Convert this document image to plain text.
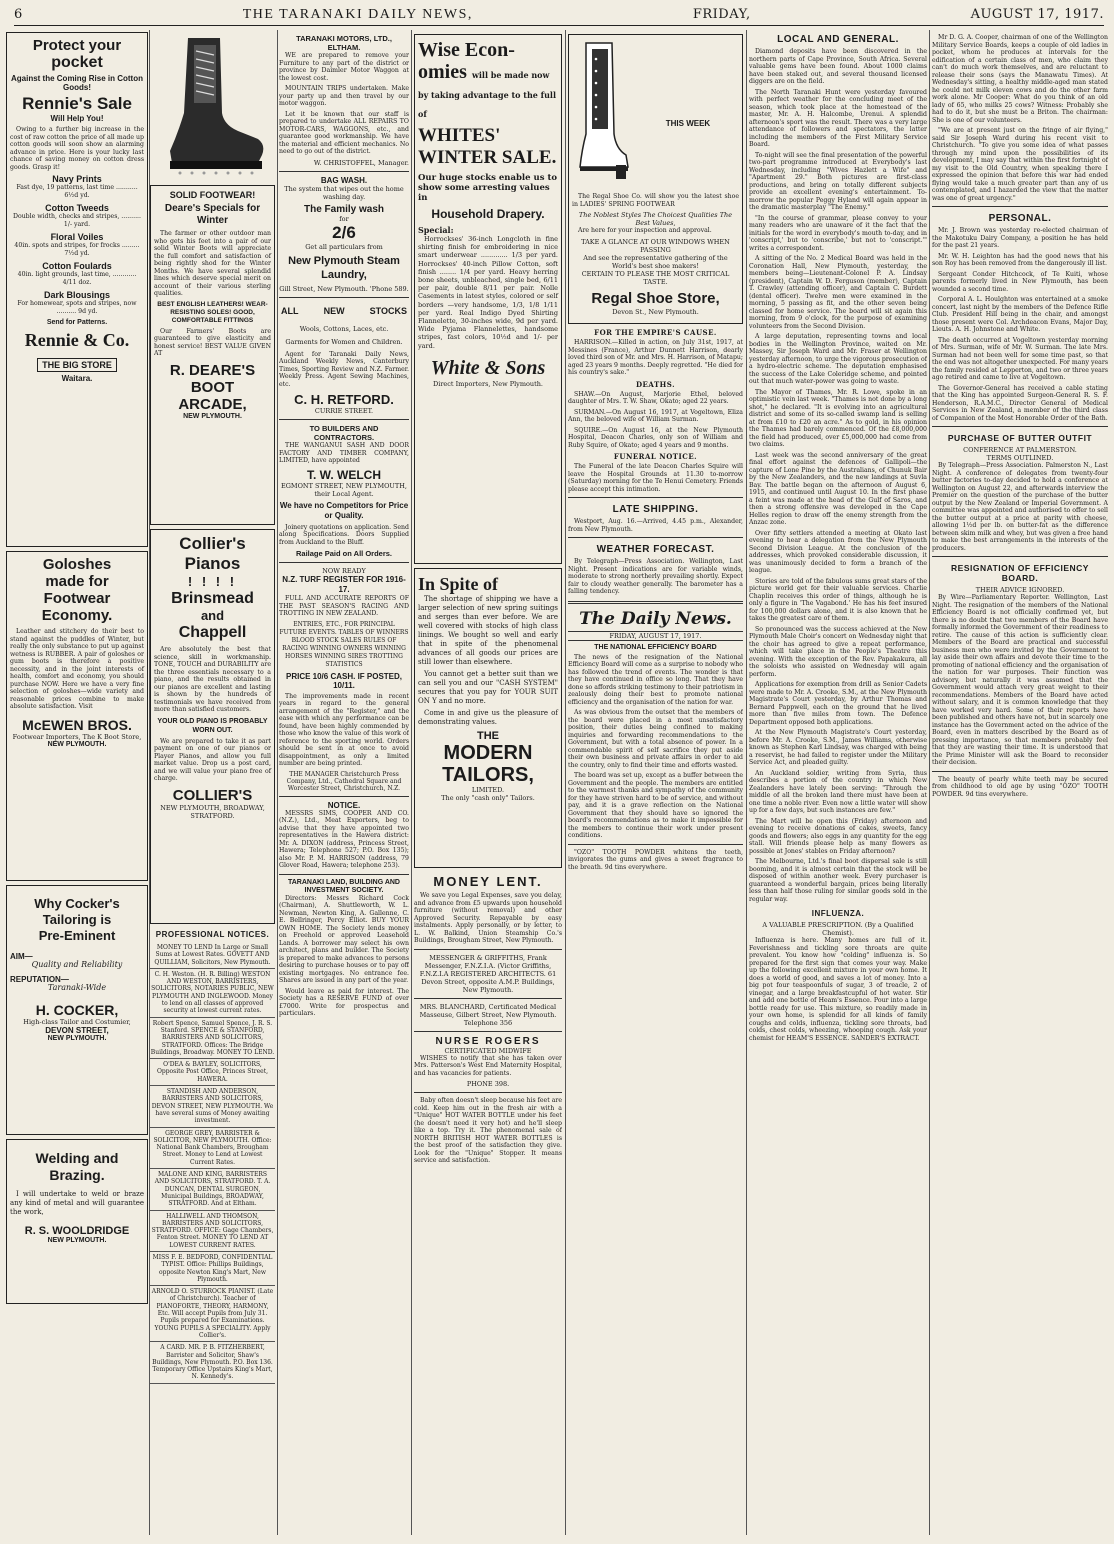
6	THE TARANAKI DAILY NEWS,	FRIDAY,	AUGUST 17, 1917.
Protect your
pocket
Against the Coming Rise in Cotton Goods!
Rennie's Sale
Will Help You!
Owing to a further big increase in the cost of raw cotton the price of all made up cotton goods will soon show an alarming advance in price. Here is your lucky last chance of saving money on cotton dress goods. Grasp it!
Navy Prints
Fast dye, 19 patterns, last time ........... 6½d yd.
Cotton Tweeds
Double width, checks and stripes, .......... 1/- yard.
Floral Voiles
40in. spots and stripes, for frocks ......... 7½d yd.
Cotton Foulards
40in. light grounds, last time, ............ 4/11 doz.
Dark Blousings
For homewear, spots and stripes, now .......... 9d yd.
Send for Patterns.
Rennie & Co.
THE BIG STORE
Waitara.
Goloshes
made for
Footwear
Economy.
Leather and stitchery do their best to stand against the puddles of Winter, but really the only substance to put up against wetness is RUBBER. A pair of goloshes or gum boots is therefore a positive necessity, and in the joint interests of health, comfort and economy, you should purchase NOW. Here we have a very fine selection of goloshes—wide variety and reasonable prices combine to make absolute satisfaction. Visit
McEWEN BROS.
Footwear Importers, The K Boot Store,
NEW PLYMOUTH.
Why Cocker's
Tailoring is
Pre-Eminent
AIM—
Quality and Reliability
REPUTATION—
Taranaki-Wide
H. COCKER,
High-class Tailor and Costumier,
DEVON STREET,
NEW PLYMOUTH.
Welding and
Brazing.
I will undertake to weld or braze any kind of metal and will guarantee the work,
R. S. WOOLDRIDGE
NEW PLYMOUTH.
SOLID FOOTWEAR!
Deare's Specials for Winter
The farmer or other outdoor man who gets his feet into a pair of our solid Winter Boots will appreciate the full comfort and satisfaction of being rightly shod for the Winter Months. We have several splendid lines which deserve special merit on account of their various sterling qualities.
BEST ENGLISH LEATHERS! WEAR-RESISTING SOLES! GOOD, COMFORTABLE FITTINGS
Our Farmers' Boots are guaranteed to give elasticity and honest service! BEST VALUE GIVEN AT
R. DEARE'S
BOOT
ARCADE,
NEW PLYMOUTH.
Collier's
Pianos
! ! ! !
Brinsmead
and
Chappell
Are absolutely the best that science, skill in workmanship. TONE, TOUCH and DURABILITY are the three essentials necessary to a piano, and the results obtained in our pianos are excellent and lasting is shown by the hundreds of testimonials we have received from more than satisfied customers.
YOUR OLD PIANO IS PROBABLY WORN OUT.
We are prepared to take it as part payment on one of our pianos or Player Pianos, and allow you full market value. Drop us a post card, and we will value your piano free of charge.
COLLIER'S
NEW PLYMOUTH, BROADWAY, STRATFORD.
PROFESSIONAL NOTICES.
MONEY TO LEND In Large or Small Sums at Lowest Rates. GOVETT AND QUILLIAM, Solicitors, New Plymouth.
C. H. Weston. (H. R. Billing) WESTON AND WESTON, BARRISTERS, SOLICITORS, NOTARIES PUBLIC, NEW PLYMOUTH AND INGLEWOOD. Money to lend on all classes of approved security at lowest current rates.
Robert Spence, Samuel Spence, J. R. S. Stanford. SPENCE & STANFORD, BARRISTERS AND SOLICITORS, STRATFORD. Offices: The Bridge Buildings, Broadway. MONEY TO LEND.
O'DEA & BAYLEY, SOLICITORS, Opposite Post Office, Princes Street, HAWERA.
STANDISH AND ANDERSON, BARRISTERS AND SOLICITORS, DEVON STREET, NEW PLYMOUTH. We have several sums of Money awaiting investment.
GEORGE GREY, BARRISTER & SOLICITOR, NEW PLYMOUTH. Office: National Bank Chambers, Brougham Street. Money to Lend at Lowest Current Rates.
MALONE AND KING, BARRISTERS AND SOLICITORS, STRATFORD. T. A. DUNCAN, DENTAL SURGEON, Municipal Buildings, BROADWAY, STRATFORD. And at Eltham.
HALLIWELL AND THOMSON, BARRISTERS AND SOLICITORS, STRATFORD. OFFICE: Gage Chambers, Fenton Street. MONEY TO LEND AT LOWEST CURRENT RATES.
MISS F. E. BEDFORD, CONFIDENTIAL TYPIST. Office: Phillips Buildings, opposite Newton King's Mart, New Plymouth.
ARNOLD O. STURROCK PIANIST. (Late of Christchurch). Teacher of PIANOFORTE, THEORY, HARMONY, Etc. Will accept Pupils from July 31. Pupils prepared for Examinations. YOUNG PUPILS A SPECIALITY. Apply Collier's.
A CARD. MR. P. B. FITZHERBERT, Barrister and Solicitor, Shaw's Buildings, New Plymouth. P.O. Box 136. Temporary Office Upstairs King's Mart, N. Kennedy's.
TARANAKI MOTORS, LTD., ELTHAM.
WE are prepared to remove your Furniture to any part of the district or province by Daimler Motor Waggon at the lowest cost.
MOUNTAIN TRIPS undertaken. Make your party up and then travel by our motor waggon.
Let it be known that our staff is prepared to undertake ALL REPAIRS TO MOTOR-CARS, WAGGONS, etc., and guarantee good workmanship. We have the material and efficient mechanics. No need to go out of the district.
W. CHRISTOFFEL, Manager.
BAG WASH.
The system that wipes out the home washing day.
The Family wash
for
2/6
Get all particulars from
New Plymouth Steam Laundry,
Gill Street, New Plymouth. 'Phone 589.
ALL	NEW	STOCKS
Wools, Cottons, Laces, etc.
Garments for Women and Children.
Agent for Taranaki Daily News, Auckland Weekly News, Canterbury Times, Sporting Review and N.Z. Farmer. Weekly Press. Agent Sewing Machines, etc.
C. H. RETFORD.
CURRIE STREET.
TO BUILDERS AND CONTRACTORS.
THE WANGANUI SASH AND DOOR FACTORY AND TIMBER COMPANY, LIMITED, have appointed
T. W. WELCH
EGMONT STREET, NEW PLYMOUTH, their Local Agent.
We have no Competitors for Price or Quality.
Joinery quotations on application. Send along Specifications. Doors Supplied from Auckland to the Bluff.
Railage Paid on All Orders.
NOW READY
N.Z. TURF REGISTER FOR 1916-17.
FULL AND ACCURATE REPORTS OF THE PAST SEASON'S RACING AND TROTTING IN NEW ZEALAND.
ENTRIES, ETC., FOR PRINCIPAL FUTURE EVENTS. TABLES OF WINNERS BLOOD STOCK SALES RULES OF RACING WINNING OWNERS WINNING HORSES WINNING SIRES TROTTING STATISTICS
PRICE 10/6 CASH. IF POSTED, 10/11.
The improvements made in recent years in regard to the general arrangement of the "Register," and the ease with which any performance can be found, have been highly commended by those who know the value of this work of reference to the sporting world. Orders should be sent in at once to avoid disappointment, as only a limited number are being printed.
THE MANAGER Christchurch Press Company, Ltd., Cathedral Square and Worcester Street, Christchurch, N.Z.
NOTICE.
MESSRS SIMS, COOPER AND CO. (N.Z.), Ltd., Meat Exporters, beg to advise that they have appointed two representatives in the Hawera district: Mr. A. DIXON (address, Princess Street, Hawera; Telephone 527; P.O. Box 135); also Mr. P. M. HARRISON (address, 79 Glover Road, Hawera; telephone 253).
TARANAKI LAND, BUILDING AND INVESTMENT SOCIETY.
Directors: Messrs Richard Cock (Chairman), A. Shuttleworth, W. L. Newman, Newton King, A. Gallenne, C. E. Bellringer, Percy Elliot. BUY YOUR OWN HOME. The Society lends money on Freehold or approved Leasehold Lands. A borrower may select his own architect, plans and builder. The Society is prepared to make advances to persons desiring to purchase houses or to pay off existing mortgages. No entrance fee. Shares are issued in any part of the year.
Would leave as paid for interest. The Society has a RESERVE FUND of over £7000. Write for prospectus and particulars.
Wise Econ-
omies will be made now by taking advantage to the full of
WHITES' WINTER SALE.
Our huge stocks enable us to show some arresting values in
Household Drapery.
Special:
Horrockses' 36-inch Longcloth in fine shirting finish for embroidering in nice smart underwear ............. 1/3 per yard. Horrockses' 40-inch Pillow Cotton, soft finish ........ 1/4 per yard. Heavy herring bone sheets, unbleached, single bed, 6/11 per pair, double 8/11 per pair. Nolle Casements in latest styles, colored or self borders —very handsome, 1/3, 1/8 1/11 per yard. Real Indigo Dyed Shirting Flannelette, 30-inches wide, 9d per yard. Wide Pyjama Flannelettes, handsome stripes, fast colors, 10½d and 1/- per yard.
White & Sons
Direct Importers, New Plymouth.
In Spite of
The shortage of shipping we have a larger selection of new spring suitings and serges than ever before. We are well covered with stocks of high class linings. We bought so well and early that in spite of the phenomenal advances of all goods our prices are still lower than elsewhere.
You cannot get a better suit than we can sell you and our "CASH SYSTEM" secures that you pay for YOUR SUIT ON Y and no more.
Come in and give us the pleasure of demonstrating values.
THE
MODERN
TAILORS,
LIMITED.
The only "cash only" Tailors.
MONEY LENT.
We save you Legal Expenses, save you delay, and advance from £5 upwards upon household furniture (without removal) and other Approved Security. Repayable by easy instalments. Apply personally, or by letter, to L. W. Balkind, Union Steamship Co.'s Buildings, Brougham Street, New Plymouth.
MESSENGER & GRIFFITHS, Frank Messenger, F.N.Z.I.A. (Victor Griffiths, F.N.Z.I.A REGISTERED ARCHITECTS. 61 Devon Street, opposite A.M.P. Buildings, New Plymouth.
MRS. BLANCHARD, Certificated Medical Masseuse, Gilbert Street, New Plymouth. Telephone 356
NURSE ROGERS
CERTIFICATED MIDWIFE
WISHES to notify that she has taken over Mrs. Patterson's West End Maternity Hospital, and has vacancies for patients.
PHONE 398.
Baby often doesn't sleep because his feet are cold. Keep him out in the fresh air with a "Unique" HOT WATER BOTTLE under his feet (he doesn't need it very hot) and he'll sleep like a top. Try it. The phenomenal sale of NORTH BRITISH HOT WATER BOTTLES is the best proof of the satisfaction they give. Look for the "Unique" Stopper. It means service and satisfaction.
THIS WEEK
The Regal Shoe Co. will show you the latest shoe in LADIES' SPRING FOOTWEAR
The Noblest Styles The Choicest Qualities The Best Values,
Are here for your inspection and approval.
TAKE A GLANCE AT OUR WINDOWS WHEN PASSING
And see the representative gathering of the World's best shoe makers!
CERTAIN TO PLEASE THE MOST CRITICAL TASTE.
Regal Shoe Store,
Devon St., New Plymouth.
FOR THE EMPIRE'S CAUSE.
HARRISON.—Killed in action, on July 31st, 1917, at Messines (France), Arthur Dunnett Harrison, dearly loved third son of Mr. and Mrs. H. Harrison, of Matapu; aged 23 years 9 months. Deeply regretted. "He died for his country's sake."
DEATHS.
SHAW.—On August, Marjorie Ethel, beloved daughter of Mrs. T. W. Shaw, Okato; aged 22 years.
SURMAN.—On August 16, 1917, at Vogeltown, Eliza Ann, the beloved wife of William Surman.
SQUIRE.—On August 16, at the New Plymouth Hospital, Deacon Charles, only son of William and Ruby Squire, of Okato; aged 4 years and 9 months.
FUNERAL NOTICE.
The Funeral of the late Deacon Charles Squire will leave the Hospital Grounds at 11.30 to-morrow (Saturday) morning for the Te Henui Cemetery. Friends please accept this intimation.
LATE SHIPPING.
Westport, Aug. 16.—Arrived, 4.45 p.m., Alexander, from New Plymouth.
WEATHER FORECAST.
By Telegraph—Press Association. Wellington, Last Night. Present indications are for variable winds, moderate to strong northerly prevailing shortly. Expect fair to cloudy weather generally. The barometer has a falling tendency.
The Daily News.
FRIDAY, AUGUST 17, 1917.
THE NATIONAL EFFICIENCY BOARD
The news of the resignation of the National Efficiency Board will come as a surprise to nobody who has followed the trend of events. The wonder is that they have continued in office so long. That they have done so affords striking testimony to their patriotism in zealously doing their best to promote national efficiency and the organisation of the nation for war.
As was obvious from the outset that the members of the board were placed in a most unsatisfactory position, their duties being confined to making inquiries and forwarding recommendations to the Government, but with a total absence of power. In a commendable spirit of self sacrifice they put aside their own business and private affairs in order to aid the country, only to find their time and efforts wasted.
The board was set up, except as a buffer between the Government and the people. The members are entitled to the warmest thanks and sympathy of the community for they have striven hard to be of service, and without pay, and it is a grave reflection on the National Government that they should have so ignored the board's recommendations as to make it impossible for the members to continue their work under present conditions.
"OZO" TOOTH POWDER whitens the teeth, invigorates the gums and gives a sweet fragrance to the breath. 9d tins everywhere.
LOCAL AND GENERAL.
Diamond deposits have been discovered in the northern parts of Cape Province, South Africa. Several valuable gems have been found. About 1000 claims have been staked out, and several thousand licensed diggers are on the field.
The North Taranaki Hunt were yesterday favoured with perfect weather for the concluding meet of the season, which took place at the homestead of the master, Mr. A. H. Halcombe, Urenui. A splendid afternoon's sport was the result. There was a very large attendance of followers and spectators, the latter including the members of the First Military Service Board.
To-night will see the final presentation of the powerful two-part programme introduced at Everybody's last Wednesday, including "Wives Hazlett a Wife" and "Apartment 29." Both pictures are first-class productions, and bring on totally different subjects provide an excellent evening's entertainment. To-morrow the popular Peggy Hyland will again appear in the dramatic masterplay "The Enemy."
"In the course of grammar, please convey to your many readers who are unaware of it the fact that the initials for the word in everybody's mouth to-day, and in 'conscript,' but to 'conscribe,' but not to 'conscript.'" writes a correspondent.
A sitting of the No. 2 Medical Board was held in the Coronation Hall, New Plymouth, yesterday, the members being—Lieutenant-Colonel P. A. Lindsay (president), Captain W. D. Ferguson (member), Captain T. Crawley (attending officer), and Captain C. Burdett (dental officer). Twelve men were examined in the morning, 5 passing as fit, and the other seven being classed for home service. The board will sit again this morning, from 9 o'clock, for the purpose of examining volunteers from the Second Division.
A large deputation, representing towns and local bodies in the Wellington Province, waited on Mr. Massey, Sir Joseph Ward and Mr. Fraser at Wellington yesterday afternoon, to urge the vigorous prosecution of a hydro-electric scheme. The deputation emphasised the success of the Lake Coleridge scheme, and pointed out that much water-power was going to waste.
The Mayor of Thames, Mr. R. Lowe, spoke in an optimistic vein last week. "Thames is not done by a long shot," he declared. "It is evolving into an agricultural district and some of its so-called swamp land is selling at from £10 to £20 an acre." As to gold, in his opinion the Thames had barely commenced. Of the £8,000,000 the field had produced, over £5,000,000 had come from two claims.
Last week was the second anniversary of the great final effort against the defences of Gallipoli—the capture of Lone Pine by the Australians, of Chunuk Bair by the New Zealanders, and the new landings at Suvla Bay. The battle began on the afternoon of August 6, 1915, and continued until August 10. In the first phase a feint was made at the head of the Gulf of Saros, and then a strong offensive was developed in the Cape Helles region to draw off the enemy strength from the Anzac zone.
Over fifty settlers attended a meeting at Okato last evening to hear a delegation from the New Plymouth Second Division League. At the conclusion of the addresses, which provoked considerable discussion, it was unanimously decided to form a branch of the league.
Stories are told of the fabulous sums great stars of the picture world get for their valuable services. Charlie Chaplin receives this order of things, although he is only a figure in 'The Vagabond.' He has his feet insured for 100,000 dollars alone, and it is also known that he takes the greatest care of them.
So pronounced was the success achieved at the New Plymouth Male Choir's concert on Wednesday night that the choir has agreed to give a repeat performance, which will take place in the People's Theatre this evening. With the exception of the Rev. Papakakura, all the soloists who assisted on Wednesday will again perform.
Applications for exemption from drill as Senior Cadets were made to Mr. A. Crooke, S.M., at the New Plymouth Magistrate's Court yesterday, by Arthur Thomas and Bernard Pappwell, each on the ground that he lived more than five miles from town. The Defence Department opposed both applications.
At the New Plymouth Magistrate's Court yesterday, before Mr. A. Crooke, S.M., James Williams, otherwise known as Stephen Karl Lindsay, was charged with being a reservist, he had failed to register under the Military Service Act, and pleaded guilty.
An Auckland soldier, writing from Syria, thus describes a portion of the country in which New Zealanders have lately been serving: "Through the middle of all the broken land there must have been at one time a noble river. Even now a little water will show up for a few days, but such instances are few."
The Mart will be open this (Friday) afternoon and evening to receive donations of cakes, sweets, fancy goods and flowers; also eggs in any quantity for the egg stall. Will friends please help as many flowers as possible at Jones' stables on Friday afternoon?
The Melbourne, Ltd.'s final boot dispersal sale is still booming, and it is almost certain that the stock will be disposed of within another week. Every purchaser is guaranteed a wonderful bargain, prices being literally less than half those ruling for similar goods sold in the regular way.
INFLUENZA.
A VALUABLE PRESCRIPTION. (By a Qualified Chemist).
Influenza is here. Many homes are full of it. Feverishness and tickling sore throats are quite prevalent. You know how "colding" influenza is. So prepared for the first sign that comes your way. Make up the following excellent mixture in your own home. It does a world of good, and saves a lot of money. Into a big pot four teaspoonfuls of sugar, 3 of treacle, 2 of vinegar, and a large breakfastcupful of hot water. Stir and add one bottle of Heam's Essence. Pour into a large bottle ready for use. This mixture, so readily made in your own home, is splendid for all kinds of family coughs and colds, influenza, tickling sore throats, bad colds, chest colds, wheezing, whooping cough. Ask your chemist for HEAM'S ESSENCE. SANDER'S EXTRACT.
Mr D. G. A. Cooper, chairman of one of the Wellington Military Service Boards, keeps a couple of old ladies in pocket, whom he produces at intervals for the edification of a certain class of men, who claim they can't do much work themselves, and are reluctant to release their sons (says the Manawatu Times). At Wednesday's sitting, a healthy middle-aged man stated he could not milk eleven cows and do the other farm work alone. Mr Cooper: What do you think of an old lady of 65, who milks 25 cows? Witness: Probably she had to do it, but she must be a Briton. The chairman: She is one of our volunteers.
"We are at present just on the fringe of air flying," said Sir Joseph Ward during his recent visit to Christchurch. "To give you some idea of what passes through my mind upon the possibilities of its development, I may say that within the first fortnight of my visit to the Old Country, when speaking there I expressed the opinion that before this war had ended flying would take a much greater part than any of us contemplated, and I hazarded the view that the matter was one of great urgency."
PERSONAL.
Mr. J. Brown was yesterday re-elected chairman of the Makotuku Dairy Company, a position he has held for the past 21 years.
Mr. W. H. Leighton has had the good news that his son Roy has been removed from the dangerously ill list.
Sergeant Conder Hitchcock, of Te Kuiti, whose parents formerly lived in New Plymouth, has been wounded a second time.
Corporal A. L. Houlghton was entertained at a smoke concert, last night by the members of the Defence Rifle Club. President Hill being in the chair, and amongst those present were Col. Archdeacon Evans, Major Day, Lieuts. A. H. Johnstone and White.
The death occurred at Vogeltown yesterday morning of Mrs. Surman, wife of Mr. W. Surman. The late Mrs. Surman had not been well for some time past, so that the end was not altogether unexpected. For many years the family resided at Lepperton, and two or three years ago retired and came to live at Vogeltown.
The Governor-General has received a cable stating that the King has appointed Surgeon-General R. S. F. Henderson, R.A.M.C., Director General of Medical Services in New Zealand, a member of the third class of Companion of the Most Honorable Order of the Bath.
PURCHASE OF BUTTER OUTFIT
CONFERENCE AT PALMERSTON.
TERMS OUTLINED.
By Telegraph—Press Association. Palmerston N., Last Night. A conference of delegates from twenty-four butter factories to-day decided to hold a conference at Wellington on August 22, and afterwards interview the Premier on the question of the purchase of the butter output by the New Zealand or Imperial Government. A committee was appointed and authorised to offer to sell the butter output at a price at parity with cheese, allowing 1½d per lb. on butter-fat as the difference between skim milk and whey, but was given a free hand to make the best arrangements in the interests of the producers.
RESIGNATION OF EFFICIENCY BOARD.
THEIR ADVICE IGNORED.
By Wire—Parliamentary Reporter. Wellington, Last Night. The resignation of the members of the National Efficiency Board is not officially confirmed yet, but there is no doubt that two members of the Board have formally informed the Government of their readiness to retire. The cause of this action is sufficiently clear. Members of the Board are practical and successful business men who were invited by the Government to lay aside their own affairs and devote their time to the promoting of national efficiency and the organisation of the nation for war purposes. Their function was advisory, but naturally it was assumed that the Government would attach very great weight to their recommendations. Members of the Board have acted without salary, and it is common knowledge that they have worked very hard. Some of their reports have been published and others have not, but in scarcely one instance has the Government acted on the advice of the Board, even in matters described by the Board as of pressing importance, so that members probably feel that they are wasting their time. It is understood that the Prime Minister will ask the Board to reconsider their decision.
The beauty of pearly white teeth may be secured from childhood to old age by using "OZO" TOOTH POWDER. 9d tins everywhere.
